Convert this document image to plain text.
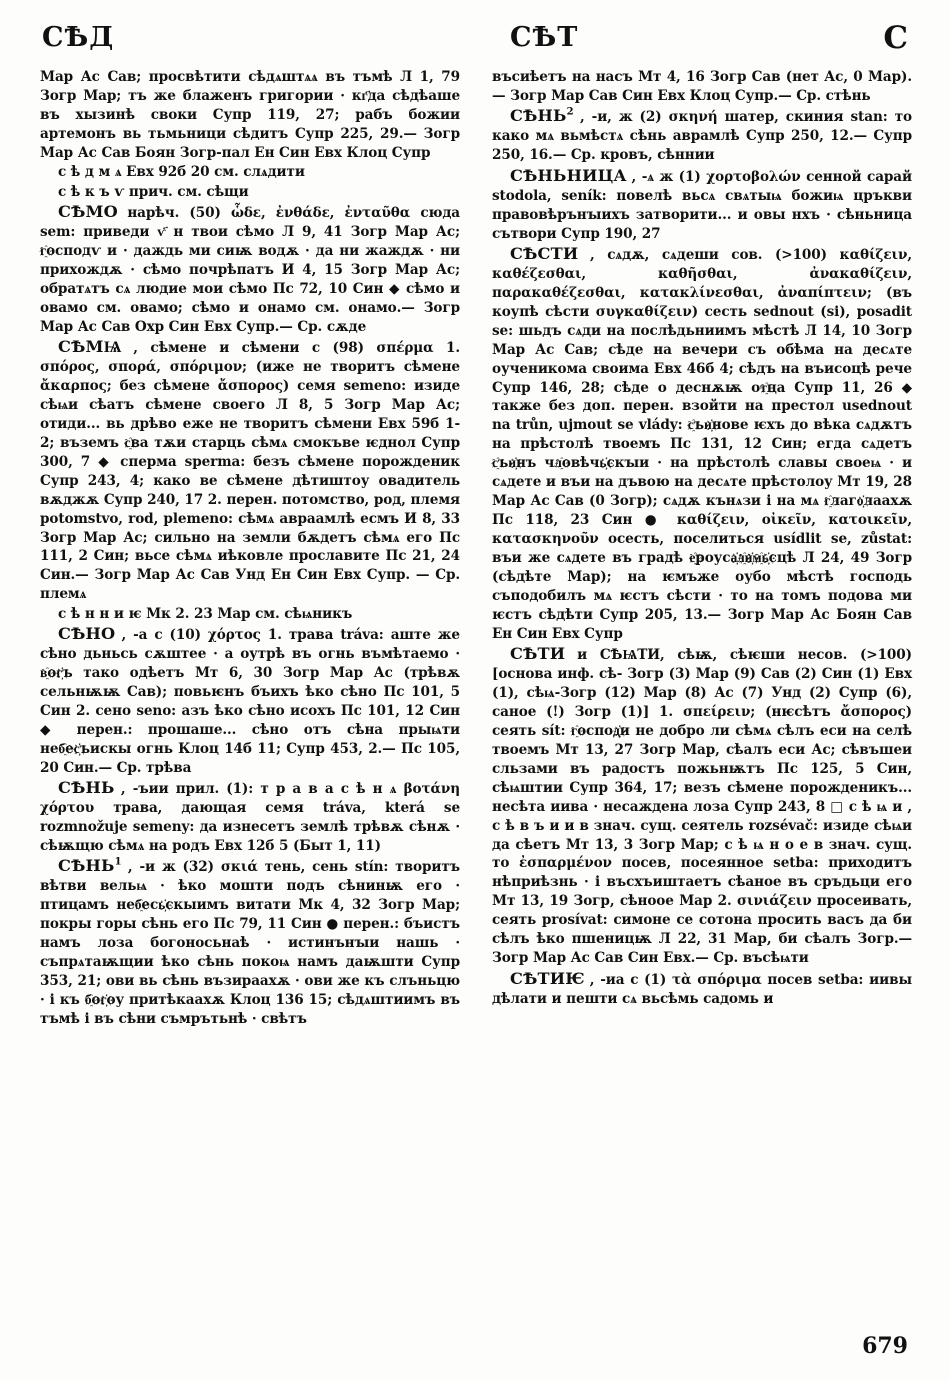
СѢД	СѢТ	С

Мар Ас Сав; просвѣтити сѣдѧштѧѧ въ тъмѣ Л 1, 79 Зогр Мар; тъ же блаженъ григории · кг҃да сѣдѣаше въ хызинѣ своки Супр 119, 27; рабъ божии артемонъ вь тьмьници сѣдитъ Супр 225, 29.— Зогр Мар Ас Сав Боян Зогр-пал Ен Син Евх Клоц Супр

с ѣ д м ѧ Евх 92б 20 см. слѧдити

с ѣ к ъ ѵ прич. см. сѣщи

СѢМО нарѣч. (50) ὧδε, ἐνθάδε, ἐνταῦθα сюда sem: приведи ѵ҃ н твои сѣмо Л 9, 41 Зогр Мар Ас; г҈осподѵ и · даждь ми сиѭ водѫ · да ни жаждѫ · ни прихождѫ · сѣмо почрѣпатъ И 4, 15 Зогр Мар Ас; обратѧтъ сѧ людие мои сѣмо Пс 72, 10 Син ◆ сѣмо и овамо см. овамо; сѣмо и онамо см. онамо.— Зогр Мар Ас Сав Охр Син Евх Супр.— Ср. сѫде

СѢМѨ , сѣмене и сѣмени с (98) σπέρμα 1. σπόρος, σπορά, σπόριμον; (иже не творитъ сѣмене ἄκαρπος; без сѣмене ἄσπορος) семя semeno: изиде сѣѩи сѣатъ сѣмене своего Л 8, 5 Зогр Мар Ас; отиди... вь дрѣво еже не творитъ сѣмени Евх 59б 1-2; въземъ с҈ва тѫи старць сѣмѧ смокъве ѥднол Супр 300, 7 ◆ сперма sperma: безъ сѣмене порожденик Супр 243, 4; како ве сѣмене дѣтиштоу овадитель вѫджѫ Супр 240, 17 2. перен. потомство, род, племя potomstvo, rod, plemeno: сѣмѧ авраамлѣ есмъ И 8, 33 Зогр Мар Ас; сильно на земли бѫдетъ сѣмѧ его Пс 111, 2 Син; вьсе сѣмѧ иѣковле прославите Пс 21, 24 Син.— Зогр Мар Ас Сав Унд Ен Син Евх Супр. — Ср. племѧ

с ѣ н н и ѥ Мк 2. 23 Мар см. сѣѩникъ

СѢНО , -а с (10) χόρτος 1. трава tráva: аште же сѣно дьньсь сѫштее · а оутрѣ въ огнь въмѣтаемо · в҈ог҉ъ тако одѣетъ Мт 6, 30 Зогр Мар Ас (трѣвѫ сельнѭѭ Сав); повьѥнъ бъихъ ѣко сѣно Пс 101, 5 Син 2. сено seno: азъ ѣко сѣно исохъ Пс 101, 12 Син ◆ перен.: прошаше... сѣно отъ сѣна прыѩти неб҈ес҉ъискы огнь Клоц 14б 11; Супр 453, 2.— Пс 105, 20 Син.— Ср. трѣва

СѢНЬ , -ъии прил. (1): т р а в а с ѣ н ѧ βοτάνη χόρτου трава, дающая семя tráva, která se rozmnožuje semeny: да изнесетъ землѣ трѣвѫ сѣнѫ · сѣѭщю сѣмѧ на родъ Евх 12б 5 (Быт 1, 11)

СѢНЬ$^1$ , -и ж (32) σκιά тень, сень stín: творитъ вѣтви вельѩ · ѣко мошти подъ сѣнинѭ его · птицамъ неб҈есь҉скыимъ витати Мк 4, 32 Зогр Мар; покры горы сѣнь его Пс 79, 11 Син ● перен.: бъистъ намъ лоза богоносьнаѣ · истинънꙑи нашь · съпрѧтаѭщии ѣко сѣнь покоѩ намъ даѭшти Супр 353, 21; ови вь сѣнь възираахѫ · ови же къ слъньцю · і къ б҈ог҉оу притѣкаахѫ Клоц 136 15; сѣдѧштиимъ въ тъмѣ і въ сѣни съмрътьнѣ · свѣтъ

въсиѣетъ на насъ Мт 4, 16 Зогр Сав (нет Ас, 0 Мар).— Зогр Мар Сав Син Евх Клоц Супр.— Ср. стѣнь

СѢНЬ$^2$ , -и, ж (2) σκηνή шатер, скиния stan: то како мѧ вьмѣстѧ сѣнь аврамлѣ Супр 250, 12.— Супр 250, 16.— Ср. кровъ, сѣннии

СѢНЬНИЦА , -ѧ ж (1) χορτοβολών сенной сарай stodola, seník: повелѣ вьсѧ свѧтыѩ божиѩ цръкви правовѣрънꙑихъ затворити... и овы нхъ · сѣньница сътвори Супр 190, 27

СѢСТИ , сѧдѫ, сѧдеши сов. (>100) καθίζειν, καθέζεσθαι, καθῆσθαι, ἀνακαθίζειν, παρακαθέζεσθαι, κατακλίνεσθαι, ἀναπίπτειν; (въ коупѣ сѣсти συγκαθίζειν) сесть sednout (si), posadit se: шьдъ сѧди на послѣдьниимъ мѣстѣ Л 14, 10 Зогр Мар Ас Сав; сѣде на вечери съ обѣма на десѧте оученикома своима Евх 46б 4; сѣдъ на въисоцѣ рече Супр 146, 28; сѣде о деснѫѭ от҈ца Супр 11, 26 ◆ также без доп. перен. взойти на престол usednout na trůn, ujmout se vlády: с҈ъи҉нове ѥхъ до вѣка сѧдѫтъ на прѣстолѣ твоемъ Пс 131, 12 Син; егда сѧдетъ с҈ъи҉нъ чл҈овѣчь҉скꙑи · на прѣстолѣ славы своеѩ · и сѧдете и въи на дъвою на десѧте прѣстолоу Мт 19, 28 Мар Ас Сав (0 Зогр); сѧдѫ кънѧзи і на мѧ г҈лаго҉лаахѫ Пс 118, 23 Син ● καθίζειν, οἰκεῖν, κατοικεῖν, κατασκηνοῦν осесть, поселиться usídlit se, zůstat: въи же сѧдете въ градѣ е҈роуса҉л҈и҉м҈ь҉сцѣ Л 24, 49 Зогр (сѣдѣте Мар); на ѥмъже оубо мѣстѣ господь съподобилъ мѧ ѥстъ сѣсти · то на томъ подова ми ѥстъ сѣдѣти Супр 205, 13.— Зогр Мар Ас Боян Сав Ен Син Евх Супр

СѢТИ и СѢѨТИ, сѣѭ, сѣѥши несов. (>100) [основа инф. сѣ- Зогр (3) Мар (9) Сав (2) Син (1) Евх (1), сѣѩ-Зогр (12) Мар (8) Ас (7) Унд (2) Супр (6), саное (!) Зогр (1)] 1. σπείρειν; (нѥсѣтъ ἄσπορος) сеять sít: г҈оспод҉и не добро ли сѣмѧ сѣлъ еси на селѣ твоемъ Мт 13, 27 Зогр Мар, сѣалъ еси Ас; сѣвъшеи сльзами въ радостъ пожьнѭтъ Пс 125, 5 Син, сѣѩштии Супр 364, 17; везъ сѣмене порожденикъ... несѣта иива · несаждена лоза Супр 243, 8 □ с ѣ ѩ и , с ѣ в ъ и и в знач. сущ. сеятель rozsévač: изиде сѣѩи да сѣетъ Мт 13, 3 Зогр Мар; с ѣ ѩ н о е в знач. сущ. то ἐσπαρμένον посев, посеянное setba: приходитъ нѣприѣзнь · і въсхъиштаетъ сѣаное въ сръдьци его Мт 13, 19 Зогр, сѣноое Мар 2. σινιάζειν просеивать, сеять prosívat: симоне се сотона просить васъ да би сѣлъ ѣко пшеницѭ Л 22, 31 Мар, би сѣалъ Зогр.— Зогр Мар Ас Сав Син Евх.— Ср. въсѣѩти

СѢТИѤ , -иа с (1) τὰ σπόριμα посев setba: иивы дѣлати и пешти сѧ вьсѣмь садомь и

679
